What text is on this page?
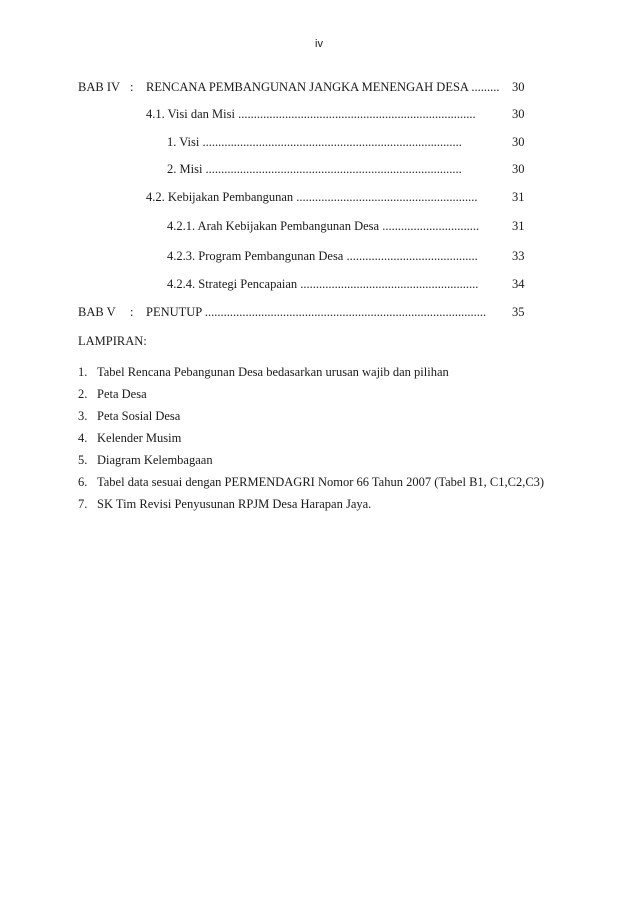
iv
BAB IV : RENCANA PEMBANGUNAN JANGKA MENENGAH DESA ......... 30
4.1. Visi dan Misi ............................................................................	30
1. Visi ...................................................................................	30
2. Misi ..................................................................................	30
4.2. Kebijakan Pembangunan ..........................................................	31
4.2.1. Arah Kebijakan Pembangunan Desa ...............................	31
4.2.3. Program Pembangunan Desa ..........................................	33
4.2.4. Strategi Pencapaian .........................................................	34
BAB V : PENUTUP .......................................................................................... 35
LAMPIRAN:
1. Tabel Rencana Pebangunan Desa bedasarkan urusan wajib dan pilihan
2. Peta Desa
3. Peta Sosial Desa
4. Kelender Musim
5. Diagram Kelembagaan
6. Tabel data sesuai dengan PERMENDAGRI Nomor 66 Tahun 2007 (Tabel B1, C1,C2,C3)
7. SK Tim Revisi Penyusunan RPJM Desa Harapan Jaya.
